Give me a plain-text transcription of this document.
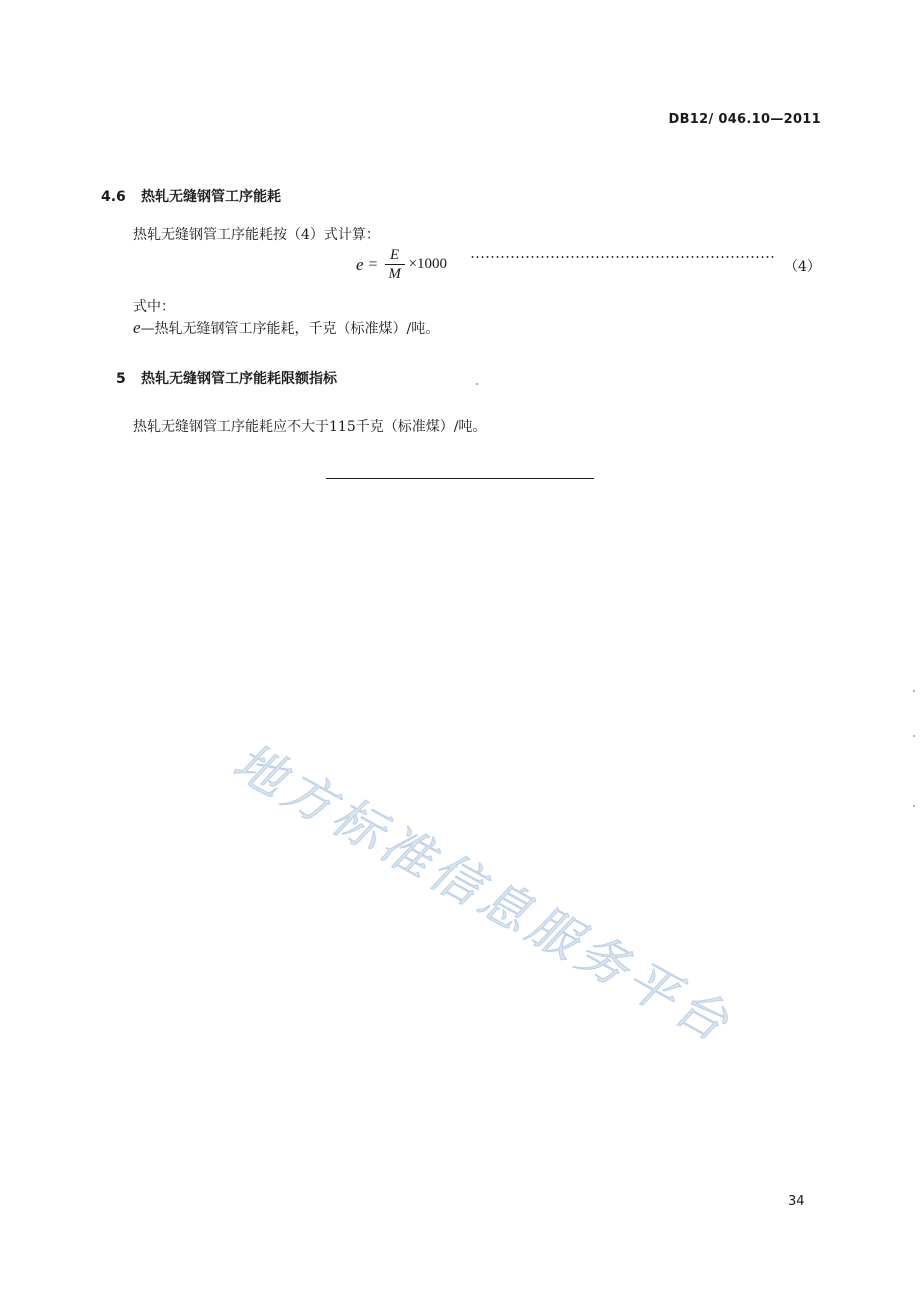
DB12/ 046.10—2011
4.6 热轧无缝钢管工序能耗
热轧无缝钢管工序能耗按（4）式计算：
$e = \frac{E}{M} \times 1000$	（4）
式中：
e—热轧无缝钢管工序能耗，千克（标准煤）/吨。
5 热轧无缝钢管工序能耗限额指标
热轧无缝钢管工序能耗应不大于115千克（标准煤）/吨。
地方标准信息服务平台
34
